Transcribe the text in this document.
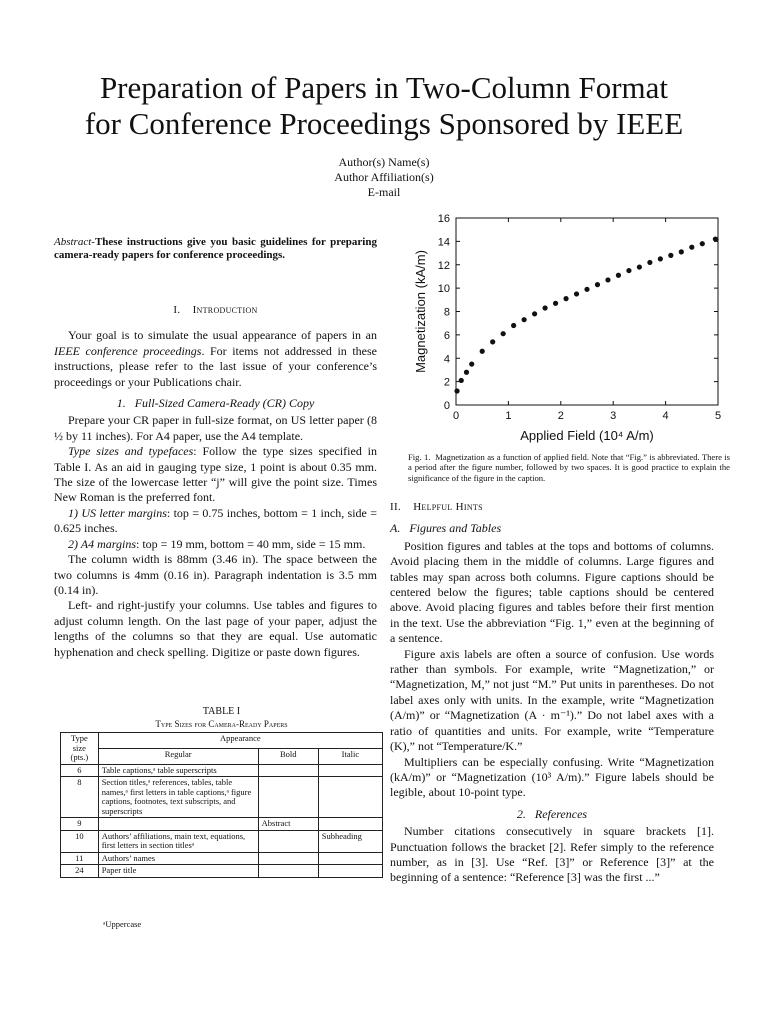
Preparation of Papers in Two-Column Format
for Conference Proceedings Sponsored by IEEE
Author(s) Name(s)
Author Affiliation(s)
E-mail

Abstract-These instructions give you basic guidelines for preparing camera-ready papers for conference proceedings.

I. Introduction

Your goal is to simulate the usual appearance of papers in an IEEE conference proceedings. For items not addressed in these instructions, please refer to the last issue of your conference’s proceedings or your Publications chair.

1.   Full-Sized Camera-Ready (CR) Copy

Prepare your CR paper in full-size format, on US letter paper (8 ½ by 11 inches). For A4 paper, use the A4 template.

Type sizes and typefaces: Follow the type sizes specified in Table I. As an aid in gauging type size, 1 point is about 0.35 mm. The size of the lowercase letter “j” will give the point size. Times New Roman is the preferred font.

1) US letter margins: top = 0.75 inches, bottom = 1 inch, side = 0.625 inches.

2) A4 margins: top = 19 mm, bottom = 40 mm, side = 15 mm.

The column width is 88mm (3.46 in). The space between the two columns is 4mm (0.16 in). Paragraph indentation is 3.5 mm (0.14 in).

Left- and right-justify your columns. Use tables and figures to adjust column length. On the last page of your paper, adjust the lengths of the columns so that they are equal. Use automatic hyphenation and check spelling. Digitize or paste down figures.

TABLE I
Type Sizes for Camera-Ready Papers
Type size (pts.)	Appearance		
	Regular	Bold	Italic
6	Table captions,ᵃ table superscripts		
8	Section titles,ᵃ references, tables, table names,ᵃ first letters in table captions,ᵃ figure captions, footnotes, text subscripts, and superscripts		
9		Abstract	
10	Authors’ affiliations, main text, equations, first letters in section titlesᵃ		Subheading
11	Authors’ names		
24	Paper title		
ᵃUppercase
0	1	2	3	4	5
0
2
4
6
8
10
12
14
16
Applied Field (10⁴ A/m)
Magnetization (kA/m)
Fig. 1. Magnetization as a function of applied field. Note that “Fig.” is abbreviated. There is a period after the figure number, followed by two spaces. It is good practice to explain the significance of the figure in the caption.

II. Helpful Hints

A.   Figures and Tables

Position figures and tables at the tops and bottoms of columns. Avoid placing them in the middle of columns. Large figures and tables may span across both columns. Figure captions should be centered below the figures; table captions should be centered above. Avoid placing figures and tables before their first mention in the text. Use the abbreviation “Fig. 1,” even at the beginning of a sentence.

Figure axis labels are often a source of confusion. Use words rather than symbols. For example, write “Magnetization,” or “Magnetization, M,” not just “M.” Put units in parentheses. Do not label axes only with units. In the example, write “Magnetization (A/m)” or “Magnetization (A · m⁻¹).” Do not label axes with a ratio of quantities and units. For example, write “Temperature (K),” not “Temperature/K.”

Multipliers can be especially confusing. Write “Magnetization (kA/m)” or “Magnetization (10³ A/m).” Figure labels should be legible, about 10-point type.

2.   References

Number citations consecutively in square brackets [1]. Punctuation follows the bracket [2]. Refer simply to the reference number, as in [3]. Use “Ref. [3]” or Reference [3]” at the beginning of a sentence: “Reference [3] was the first ...”
